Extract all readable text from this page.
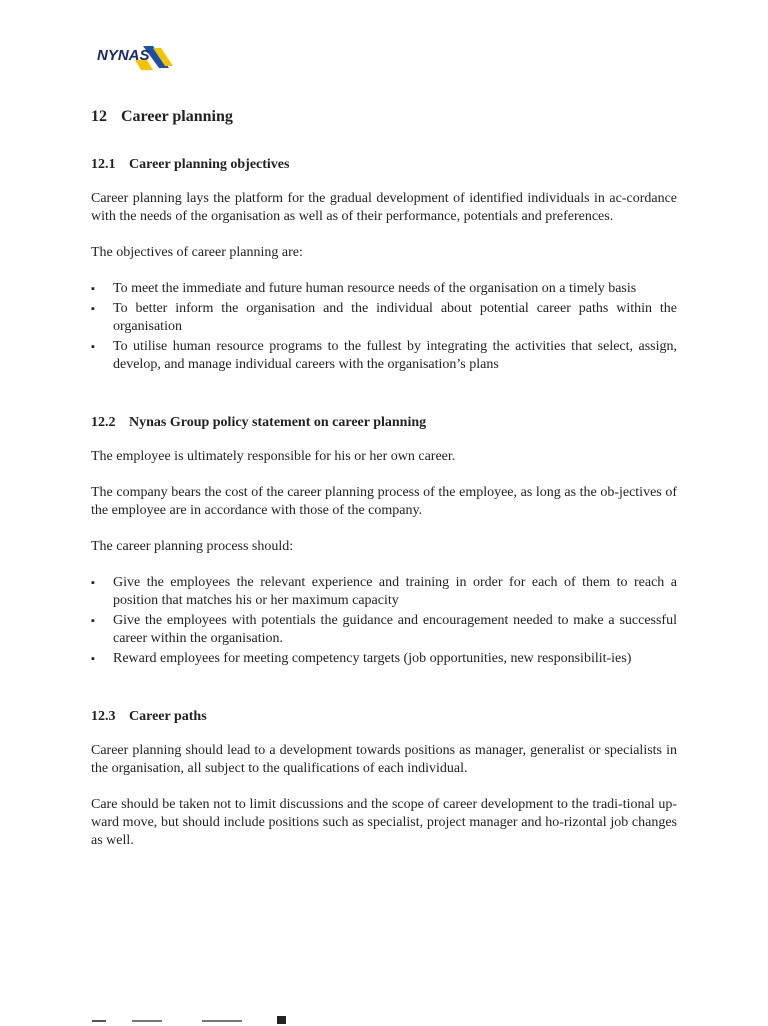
NYNAS
12 Career planning
12.1 Career planning objectives

Career planning lays the platform for the gradual development of identified individuals in ac-cordance with the needs of the organisation as well as of their performance, potentials and preferences.

The objectives of career planning are:

▪ To meet the immediate and future human resource needs of the organisation on a timely basis
▪ To better inform the organisation and the individual about potential career paths within the organisation
▪ To utilise human resource programs to the fullest by integrating the activities that select, assign, develop, and manage individual careers with the organisation’s plans
12.2 Nynas Group policy statement on career planning

The employee is ultimately responsible for his or her own career.

The company bears the cost of the career planning process of the employee, as long as the ob-jectives of the employee are in accordance with those of the company.

The career planning process should:

▪ Give the employees the relevant experience and training in order for each of them to reach a position that matches his or her maximum capacity
▪ Give the employees with potentials the guidance and encouragement needed to make a successful career within the organisation.
▪ Reward employees for meeting competency targets (job opportunities, new responsibilit-ies)
12.3 Career paths

Career planning should lead to a development towards positions as manager, generalist or specialists in the organisation, all subject to the qualifications of each individual.

Care should be taken not to limit discussions and the scope of career development to the tradi-tional up-ward move, but should include positions such as specialist, project manager and ho-rizontal job changes as well.
